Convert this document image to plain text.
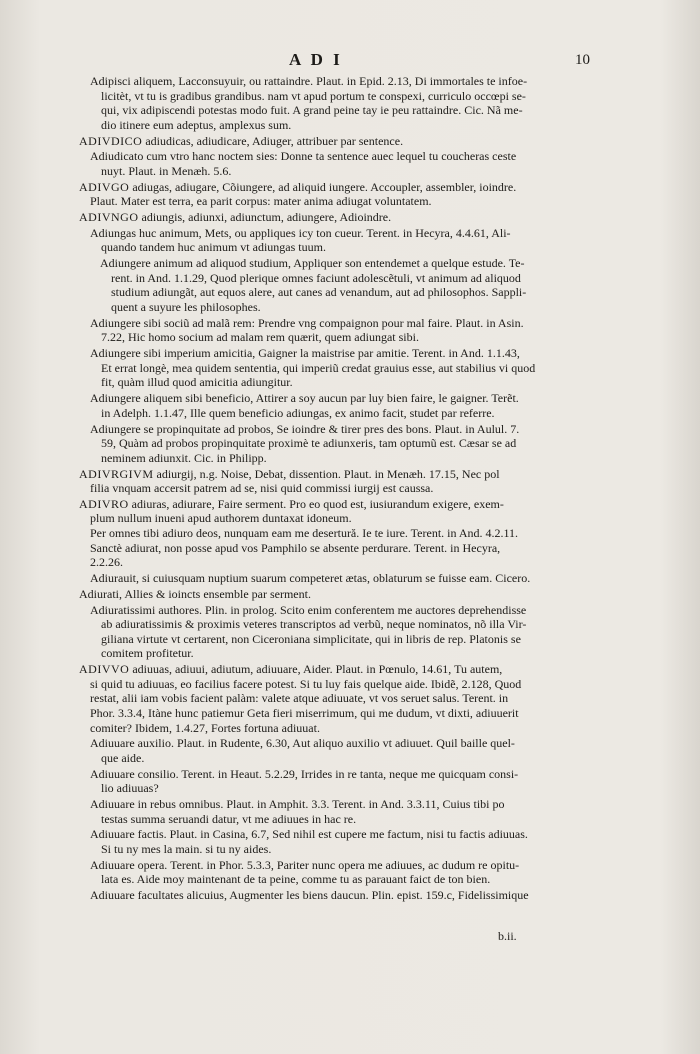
A D I	10
Adipisci aliquem, Lacconsuyuir, ou rattaindre. Plaut. in Epid. 2.13, Di immortales te infoe-
licitèt, vt tu is gradibus grandibus. nam vt apud portum te conspexi, curriculo occœpi se-
qui, vix adipiscendi potestas modo fuit. A grand peine tay ie peu rattaindre. Cic. Nã me-
dio itinere eum adeptus, amplexus sum.
ADIVDICO adiudicas, adiudicare, Adiuger, attribuer par sentence.
Adiudicato cum vtro hanc noctem sies: Donne ta sentence auec lequel tu coucheras ceste
nuyt. Plaut. in Menæh. 5.6.
ADIVGO adiugas, adiugare, Cõiungere, ad aliquid iungere. Accoupler, assembler, ioindre.
Plaut. Mater est terra, ea parit corpus: mater anima adiugat voluntatem.
ADIVNGO adiungis, adiunxi, adiunctum, adiungere, Adioindre.
Adiungas huc animum, Mets, ou appliques icy ton cueur. Terent. in Hecyra, 4.4.61, Ali-
quando tandem huc animum vt adiungas tuum.
Adiungere animum ad aliquod studium, Appliquer son entendemet a quelque estude. Te-
rent. in And. 1.1.29, Quod plerique omnes faciunt adolescẽtuli, vt animum ad aliquod
studium adiungãt, aut equos alere, aut canes ad venandum, aut ad philosophos. Sappli-
quent a suyure les philosophes.
Adiungere sibi sociũ ad malã rem: Prendre vng compaignon pour mal faire. Plaut. in Asin.
7.22, Hic homo socium ad malam rem quærit, quem adiungat sibi.
Adiungere sibi imperium amicitia, Gaigner la maistrise par amitie. Terent. in And. 1.1.43,
Et errat longè, mea quidem sententia, qui imperiũ credat grauius esse, aut stabilius vi quod
fit, quàm illud quod amicitia adiungitur.
Adiungere aliquem sibi beneficio, Attirer a soy aucun par luy bien faire, le gaigner. Terẽt.
in Adelph. 1.1.47, Ille quem beneficio adiungas, ex animo facit, studet par referre.
Adiungere se propinquitate ad probos, Se ioindre & tirer pres des bons. Plaut. in Aulul. 7.
59, Quàm ad probos propinquitate proximè te adiunxeris, tam optumũ est. Cæsar se ad
neminem adiunxit. Cic. in Philipp.
ADIVRGIVM adiurgij, n.g. Noise, Debat, dissention. Plaut. in Menæh. 17.15, Nec pol
filia vnquam accersit patrem ad se, nisi quid commissi iurgij est caussa.
ADIVRO adiuras, adiurare, Faire serment. Pro eo quod est, iusiurandum exigere, exem-
plum nullum inueni apud authorem duntaxat idoneum.
Per omnes tibi adiuro deos, nunquam eam me desertură. Ie te iure. Terent. in And. 4.2.11.
Sanctè adiurat, non posse apud vos Pamphilo se absente perdurare. Terent. in Hecyra,
2.2.26.
Adiurauit, si cuiusquam nuptium suarum competeret ætas, oblaturum se fuisse eam. Cicero.
Adiurati, Allies & ioincts ensemble par serment.
Adiuratissimi authores. Plin. in prolog. Scito enim conferentem me auctores deprehendisse
ab adiuratissimis & proximis veteres transcriptos ad verbũ, neque nominatos, nõ illa Vir-
giliana virtute vt certarent, non Ciceroniana simplicitate, qui in libris de rep. Platonis se
comitem profitetur.
ADIVVO adiuuas, adiuui, adiutum, adiuuare, Aider. Plaut. in Pœnulo, 14.61, Tu autem,
si quid tu adiuuas, eo facilius facere potest. Si tu luy fais quelque aide. Ibidẽ, 2.128, Quod
restat, alii iam vobis facient palàm: valete atque adiuuate, vt vos seruet salus. Terent. in
Phor. 3.3.4, Itàne hunc patiemur Geta fieri miserrimum, qui me dudum, vt dixti, adiuuerit
comiter? Ibidem, 1.4.27, Fortes fortuna adiuuat.
Adiuuare auxilio. Plaut. in Rudente, 6.30, Aut aliquo auxilio vt adiuuet. Quil baille quel-
que aide.
Adiuuare consilio. Terent. in Heaut. 5.2.29, Irrides in re tanta, neque me quicquam consi-
lio adiuuas?
Adiuuare in rebus omnibus. Plaut. in Amphit. 3.3. Terent. in And. 3.3.11, Cuius tibi po
testas summa seruandi datur, vt me adiuues in hac re.
Adiuuare factis. Plaut. in Casina, 6.7, Sed nihil est cupere me factum, nisi tu factis adiuuas.
Si tu ny mes la main. si tu ny aides.
Adiuuare opera. Terent. in Phor. 5.3.3, Pariter nunc opera me adiuues, ac dudum re opitu-
lata es. Aide moy maintenant de ta peine, comme tu as parauant faict de ton bien.
Adiuuare facultates alicuius, Augmenter les biens daucun. Plin. epist. 159.c, Fidelissimique
b.ii.
